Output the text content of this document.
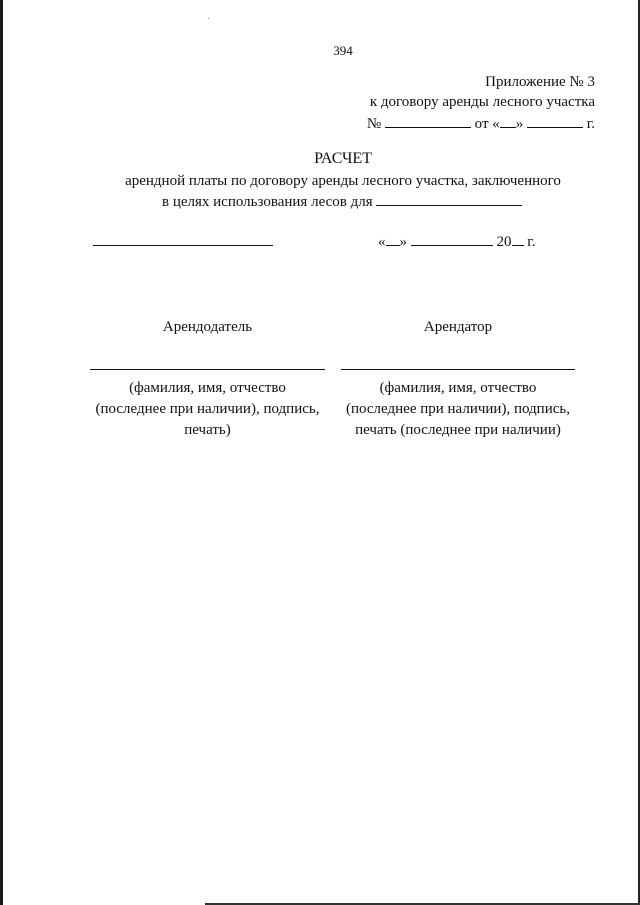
394
Приложение № 3
к договору аренды лесного участка
№	от « »	г.
РАСЧЕТ
арендной платы по договору аренды лесного участка, заключенного
в целях использования лесов для
« »	20 г.
Арендодатель	Арендатор
(фамилия, имя, отчество
(последнее при наличии), подпись,
печать)
(фамилия, имя, отчество
(последнее при наличии), подпись,
печать (последнее при наличии)
